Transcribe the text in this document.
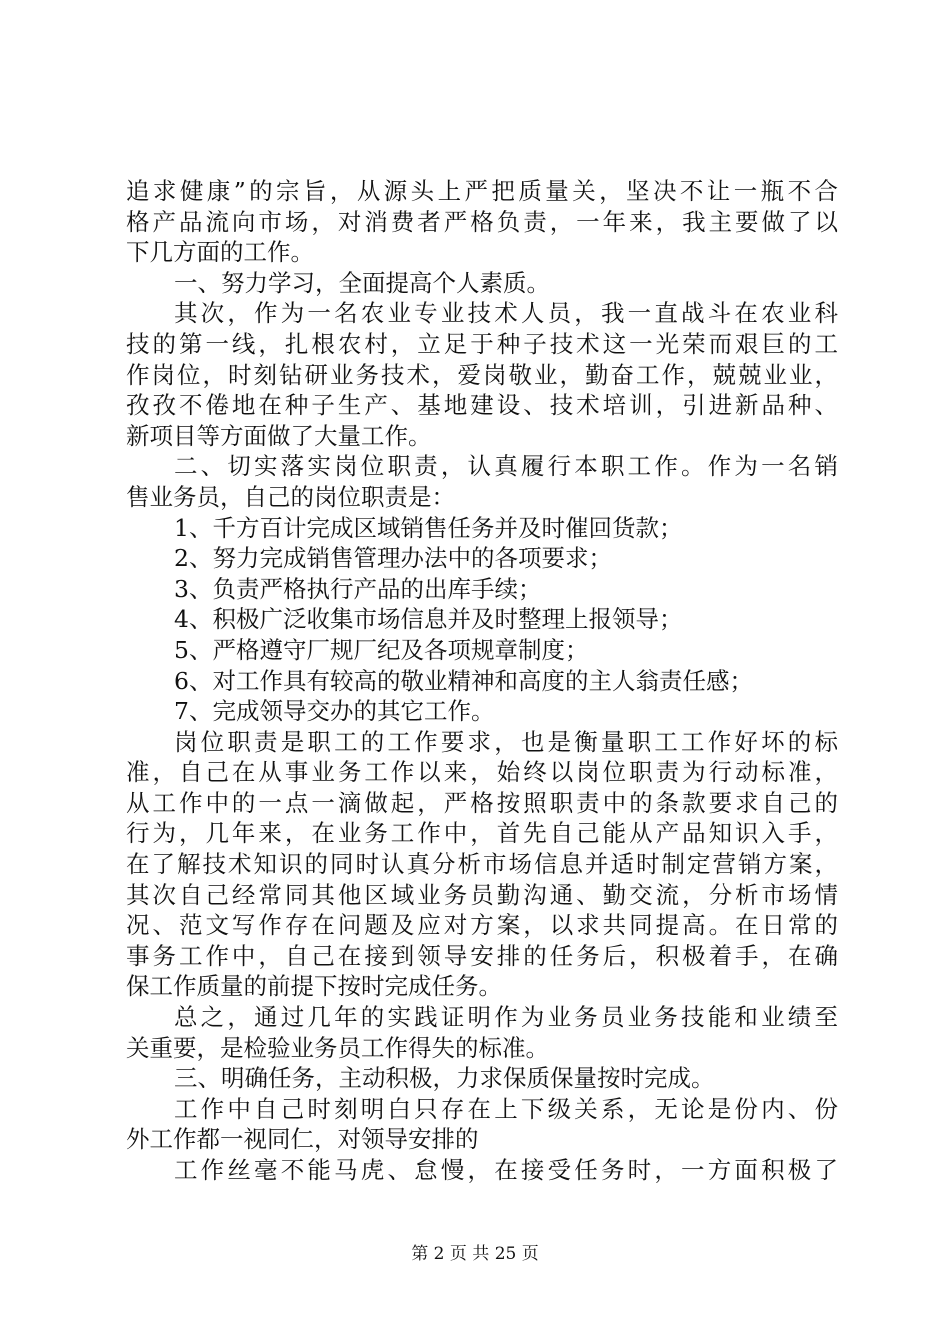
追求健康”的宗旨，从源头上严把质量关，坚决不让一瓶不合
格产品流向市场，对消费者严格负责，一年来，我主要做了以
下几方面的工作。
一、努力学习，全面提高个人素质。
其次，作为一名农业专业技术人员，我一直战斗在农业科
技的第一线，扎根农村，立足于种子技术这一光荣而艰巨的工
作岗位，时刻钻研业务技术，爱岗敬业，勤奋工作，兢兢业业，
孜孜不倦地在种子生产、基地建设、技术培训，引进新品种、
新项目等方面做了大量工作。
二、切实落实岗位职责，认真履行本职工作。作为一名销
售业务员，自己的岗位职责是：
1、千方百计完成区域销售任务并及时催回货款；
2、努力完成销售管理办法中的各项要求；
3、负责严格执行产品的出库手续；
4、积极广泛收集市场信息并及时整理上报领导；
5、严格遵守厂规厂纪及各项规章制度；
6、对工作具有较高的敬业精神和高度的主人翁责任感；
7、完成领导交办的其它工作。
岗位职责是职工的工作要求，也是衡量职工工作好坏的标
准，自己在从事业务工作以来，始终以岗位职责为行动标准，
从工作中的一点一滴做起，严格按照职责中的条款要求自己的
行为，几年来，在业务工作中，首先自己能从产品知识入手，
在了解技术知识的同时认真分析市场信息并适时制定营销方案，
其次自己经常同其他区域业务员勤沟通、勤交流，分析市场情
况、范文写作存在问题及应对方案，以求共同提高。在日常的
事务工作中，自己在接到领导安排的任务后，积极着手，在确
保工作质量的前提下按时完成任务。
总之，通过几年的实践证明作为业务员业务技能和业绩至
关重要，是检验业务员工作得失的标准。
三、明确任务，主动积极，力求保质保量按时完成。
工作中自己时刻明白只存在上下级关系，无论是份内、份
外工作都一视同仁，对领导安排的
工作丝毫不能马虎、怠慢，在接受任务时，一方面积极了
第 2 页 共 25 页
